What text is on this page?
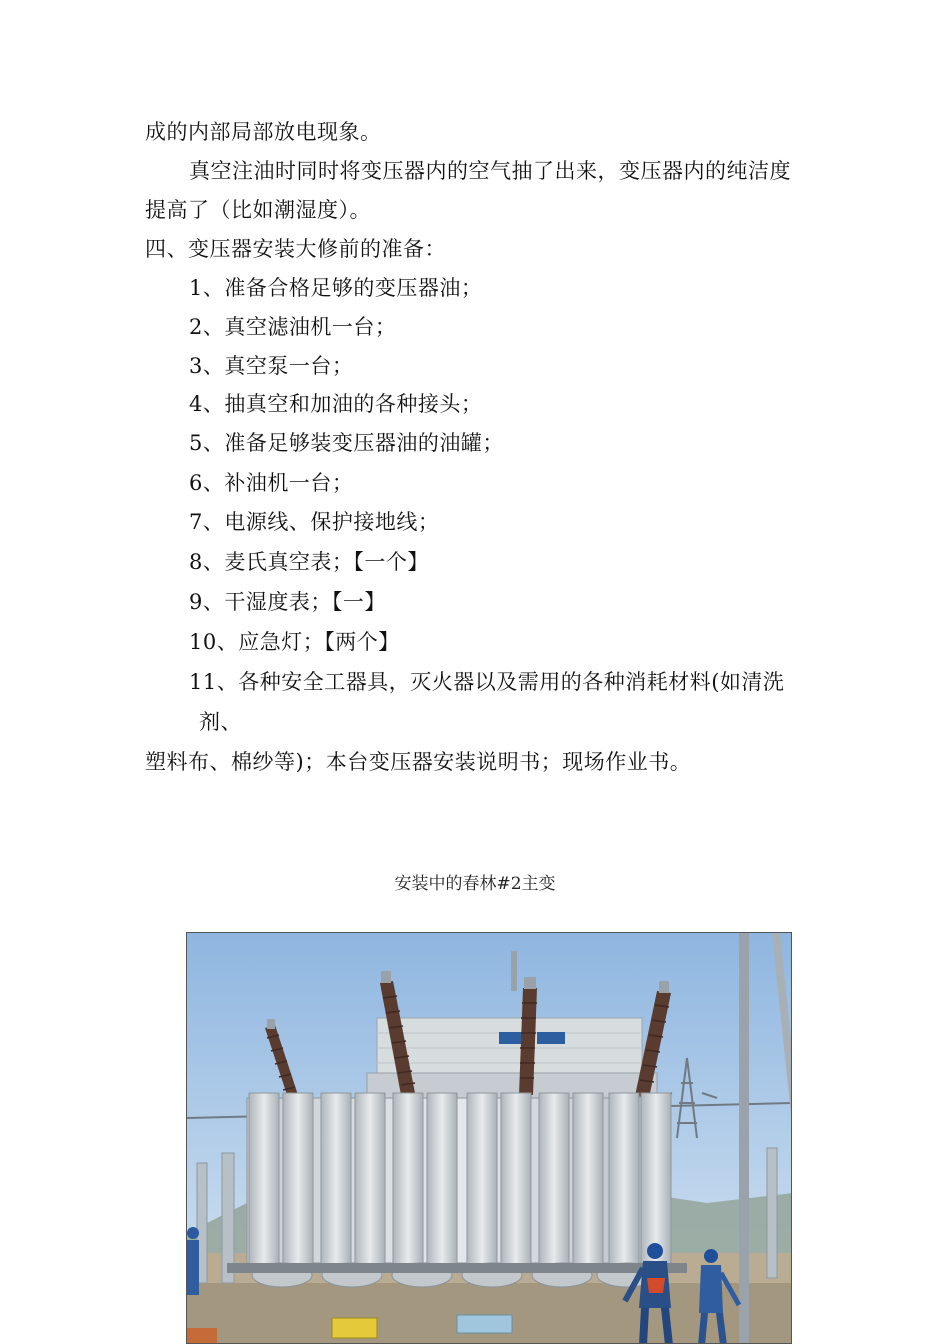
成的内部局部放电现象。
真空注油时同时将变压器内的空气抽了出来，变压器内的纯洁度
提高了（比如潮湿度）。
四、变压器安装大修前的准备：
1、准备合格足够的变压器油；
2、真空滤油机一台；
3、真空泵一台；
4、抽真空和加油的各种接头；
5、准备足够装变压器油的油罐；
6、补油机一台；
7、电源线、保护接地线；
8、麦氏真空表；【一个】
9、干湿度表；【一】
10、应急灯；【两个】
11、各种安全工器具，灭火器以及需用的各种消耗材料(如清洗
剂、
塑料布、棉纱等)；本台变压器安装说明书；现场作业书。
安装中的春林#2主变
